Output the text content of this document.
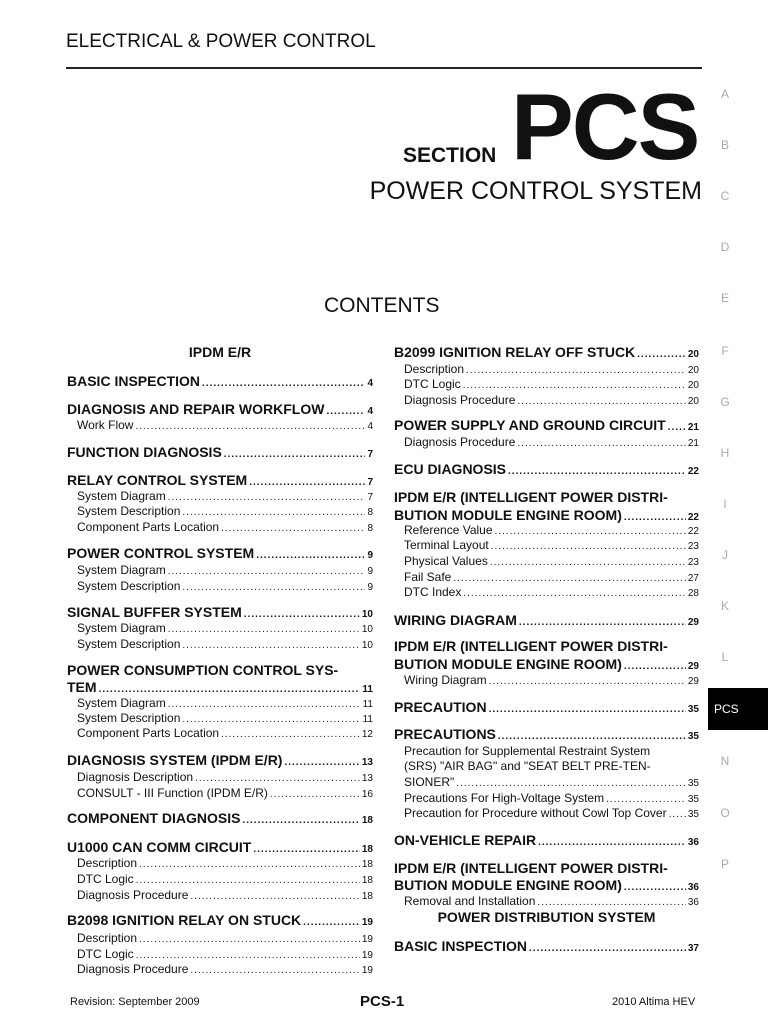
ELECTRICAL & POWER CONTROL
SECTION PCS
POWER CONTROL SYSTEM
CONTENTS
A
B
C
D
E
F
G
H
I
J
K
L
PCS
N
O
P
IPDM E/R
BASIC INSPECTION .....	4
DIAGNOSIS AND REPAIR WORKFLOW .....	4
Work Flow .....	4
FUNCTION DIAGNOSIS .....	7
RELAY CONTROL SYSTEM .....	7
System Diagram .....	7
System Description .....	8
Component Parts Location .....	8
POWER CONTROL SYSTEM .....	9
System Diagram .....	9
System Description .....	9
SIGNAL BUFFER SYSTEM .....	10
System Diagram .....	10
System Description .....	10
POWER CONSUMPTION CONTROL SYS-
TEM .....	11
System Diagram .....	11
System Description .....	11
Component Parts Location .....	12
DIAGNOSIS SYSTEM (IPDM E/R) .....	13
Diagnosis Description .....	13
CONSULT - III Function (IPDM E/R) .....	16
COMPONENT DIAGNOSIS .....	18
U1000 CAN COMM CIRCUIT .....	18
Description .....	18
DTC Logic .....	18
Diagnosis Procedure .....	18
B2098 IGNITION RELAY ON STUCK .....	19
Description .....	19
DTC Logic .....	19
Diagnosis Procedure .....	19
B2099 IGNITION RELAY OFF STUCK .....	20
Description .....	20
DTC Logic .....	20
Diagnosis Procedure .....	20
POWER SUPPLY AND GROUND CIRCUIT ..... 21
Diagnosis Procedure .....	21
ECU DIAGNOSIS .....	22
IPDM E/R (INTELLIGENT POWER DISTRI-
BUTION MODULE ENGINE ROOM) .....	22
Reference Value .....	22
Terminal Layout .....	23
Physical Values .....	23
Fail Safe .....	27
DTC Index .....	28
WIRING DIAGRAM .....	29
IPDM E/R (INTELLIGENT POWER DISTRI-
BUTION MODULE ENGINE ROOM) .....	29
Wiring Diagram .....	29
PRECAUTION .....	35
PRECAUTIONS .....	35
Precaution for Supplemental Restraint System
(SRS) "AIR BAG" and "SEAT BELT PRE-TEN-
SIONER" .....	35
Precautions For High-Voltage System .....	35
Precaution for Procedure without Cowl Top Cover ..... 35
ON-VEHICLE REPAIR .....	36
IPDM E/R (INTELLIGENT POWER DISTRI-
BUTION MODULE ENGINE ROOM) .....	36
Removal and Installation .....	36
POWER DISTRIBUTION SYSTEM
BASIC INSPECTION .....	37
Revision: September 2009	PCS-1	2010 Altima HEV
